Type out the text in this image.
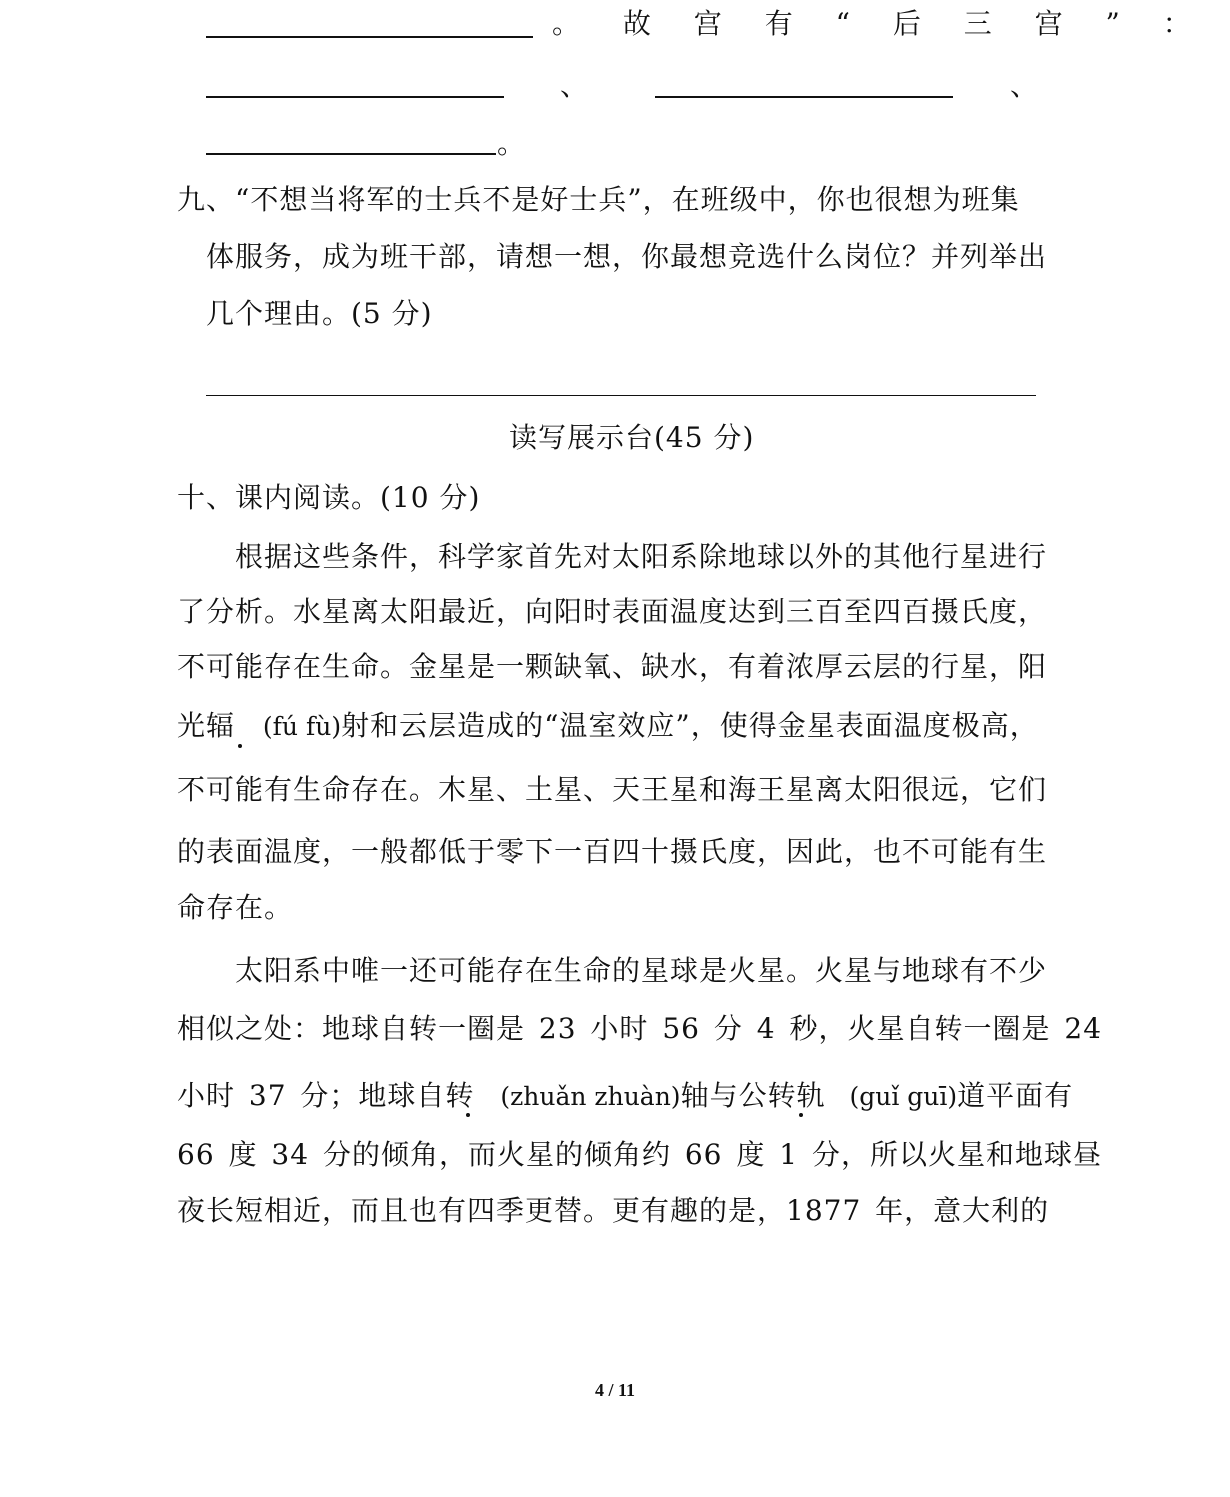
。 故 宫 有 “ 后 三 宫 ” ：
、	、
。
九、“不想当将军的士兵不是好士兵”，在班级中，你也很想为班集
体服务，成为班干部，请想一想，你最想竞选什么岗位？并列举出
几个理由。(5 分)
读写展示台(45 分)
十、课内阅读。(10 分)
根据这些条件，科学家首先对太阳系除地球以外的其他行星进行
了分析。水星离太阳最近，向阳时表面温度达到三百至四百摄氏度，
不可能存在生命。金星是一颗缺氧、缺水，有着浓厚云层的行星，阳
光辐 (fú fù)射和云层造成的“温室效应”，使得金星表面温度极高，
不可能有生命存在。木星、土星、天王星和海王星离太阳很远，它们
的表面温度，一般都低于零下一百四十摄氏度，因此，也不可能有生
命存在。
太阳系中唯一还可能存在生命的星球是火星。火星与地球有不少
相似之处：地球自转一圈是 23 小时 56 分 4 秒，火星自转一圈是 24
小时 37 分；地球自转 (zhuǎn zhuàn)轴与公转轨 (guǐ guī)道平面有
66 度 34 分的倾角，而火星的倾角约 66 度 1 分，所以火星和地球昼
夜长短相近，而且也有四季更替。更有趣的是，1877 年，意大利的
4 / 11
